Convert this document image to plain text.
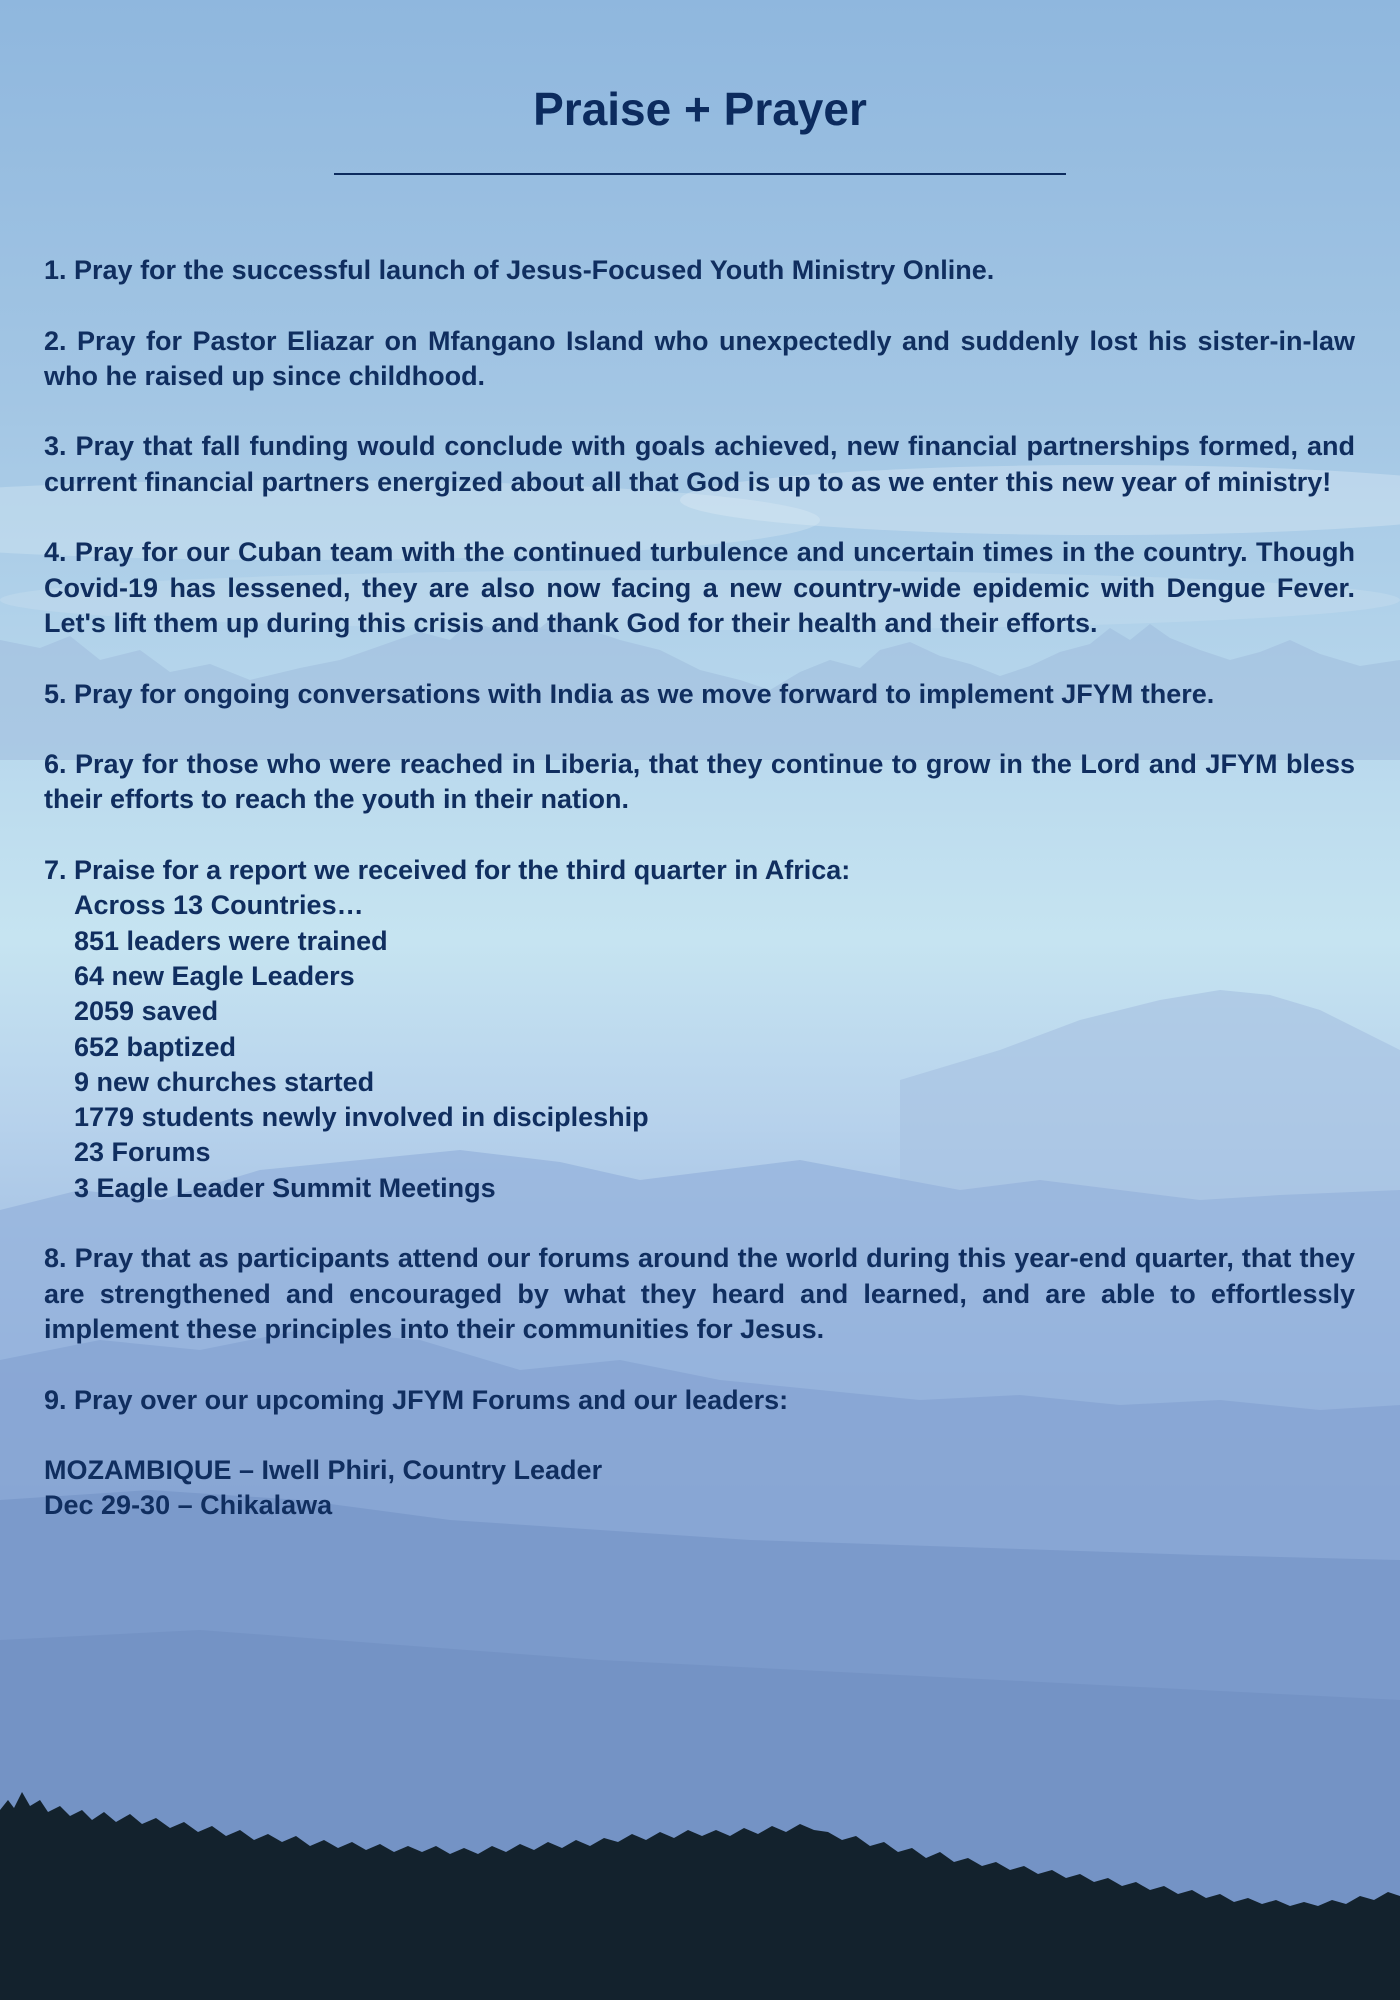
Praise + Prayer

1. Pray for the successful launch of Jesus-Focused Youth Ministry Online.

2. Pray for Pastor Eliazar on Mfangano Island who unexpectedly and suddenly lost his sister-in-law who he raised up since childhood.

3. Pray that fall funding would conclude with goals achieved, new financial partnerships formed, and current financial partners energized about all that God is up to as we enter this new year of ministry!

4. Pray for our Cuban team with the continued turbulence and uncertain times in the country. Though Covid-19 has lessened, they are also now facing a new country-wide epidemic with Dengue Fever. Let's lift them up during this crisis and thank God for their health and their efforts.

5. Pray for ongoing conversations with India as we move forward to implement JFYM there.

6. Pray for those who were reached in Liberia, that they continue to grow in the Lord and JFYM bless their efforts to reach the youth in their nation.

7. Praise for a report we received for the third quarter in Africa:
Across 13 Countries…
851 leaders were trained
64 new Eagle Leaders
2059 saved
652 baptized
9 new churches started
1779 students newly involved in discipleship
23 Forums
3 Eagle Leader Summit Meetings

8. Pray that as participants attend our forums around the world during this year-end quarter, that they are strengthened and encouraged by what they heard and learned, and are able to effortlessly implement these principles into their communities for Jesus.

9. Pray over our upcoming JFYM Forums and our leaders:

MOZAMBIQUE – Iwell Phiri, Country Leader
Dec 29-30 – Chikalawa
